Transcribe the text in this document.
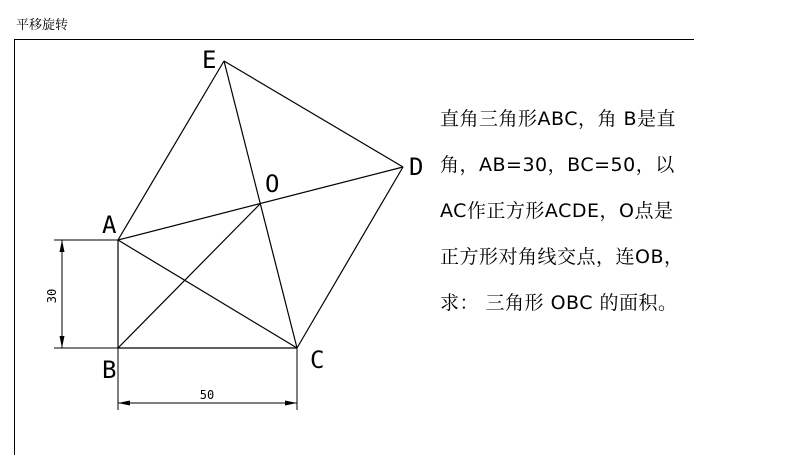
平移旋转
30
50
A
B	C
D
E
O
直角三角形ABC，角 B是直
角，AB=30，BC=50，以
AC作正方形ACDE，O点是
正方形对角线交点，连OB，
求： 三角形 OBC 的面积。
